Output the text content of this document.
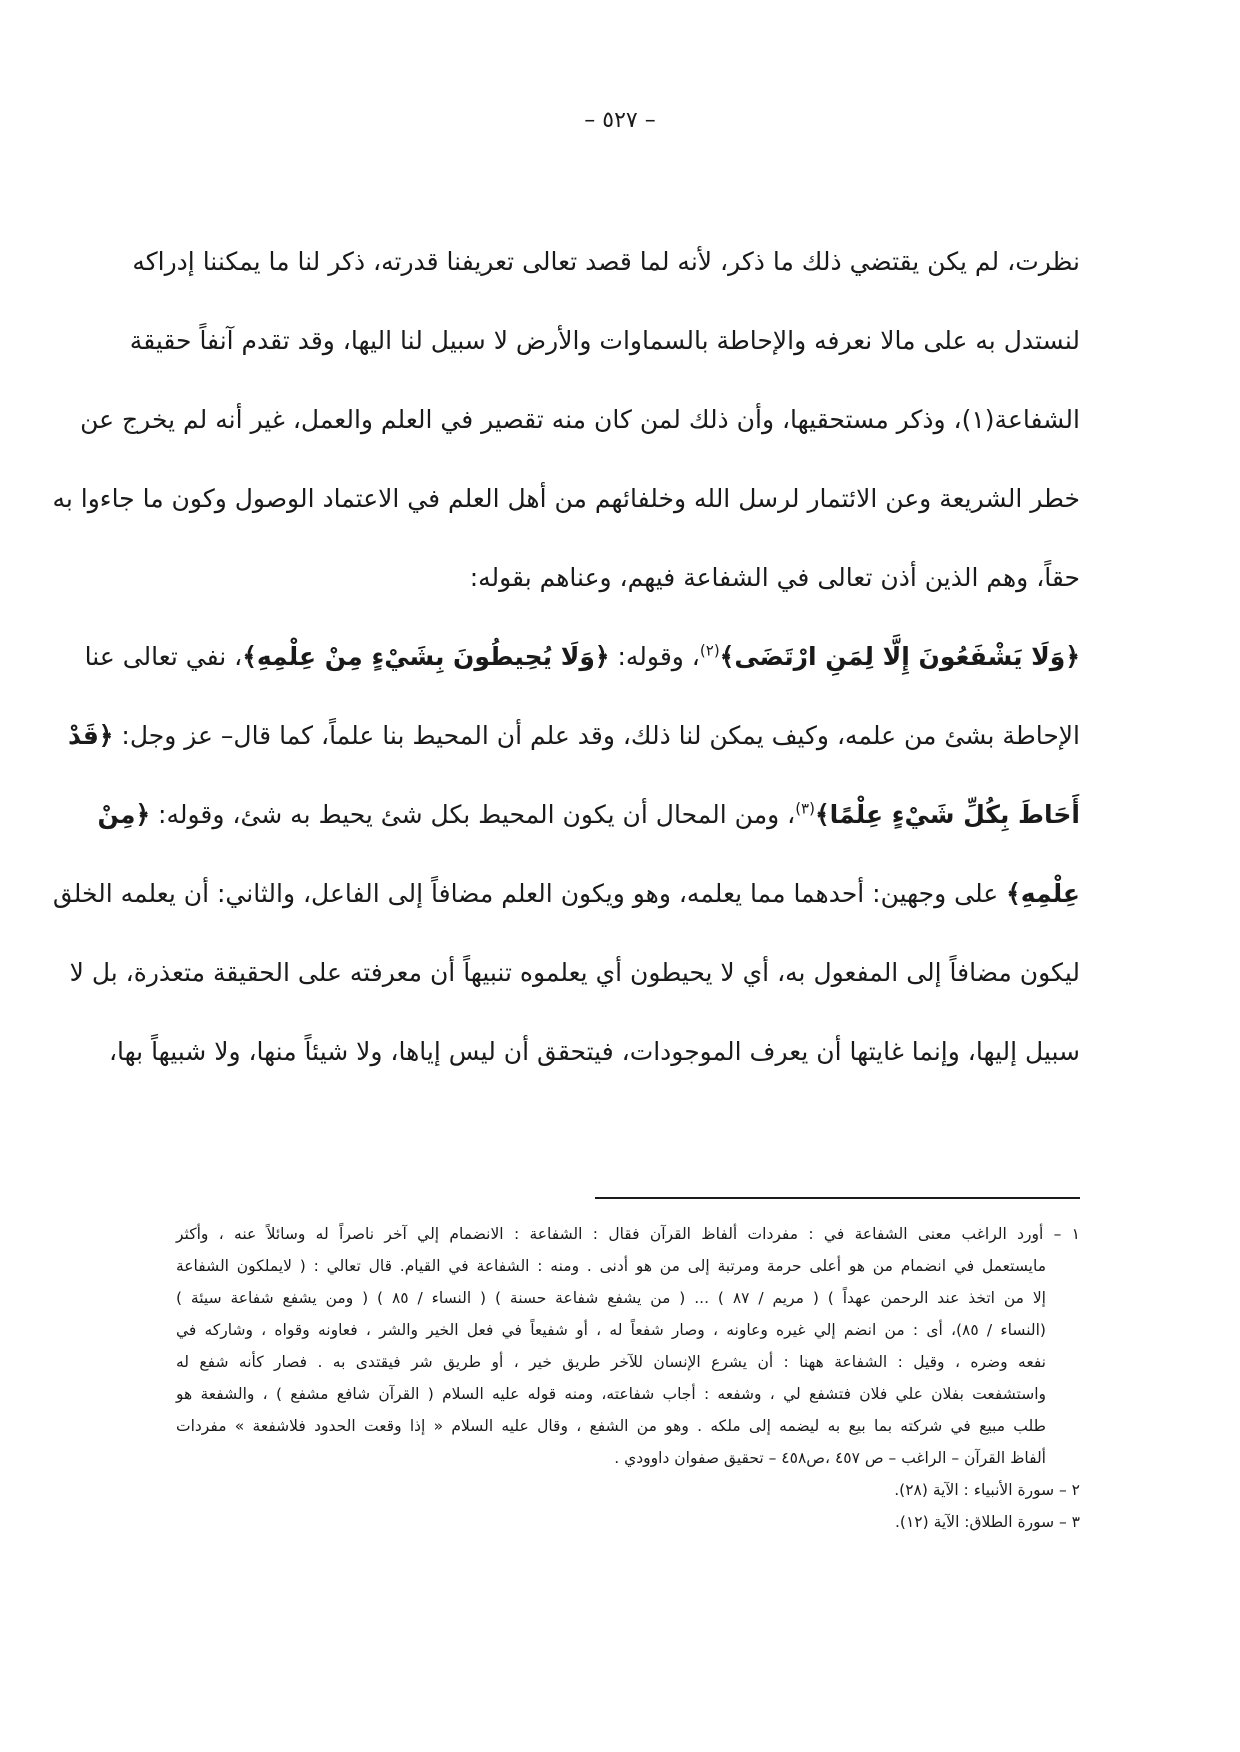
– ٥٢٧ –
نظرت، لم يكن يقتضي ذلك ما ذكر، لأنه لما قصد تعالى تعريفنا قدرته، ذكر لنا ما يمكننا إدراكه
لنستدل به على مالا نعرفه والإحاطة بالسماوات والأرض لا سبيل لنا اليها، وقد تقدم آنفاً حقيقة
الشفاعة(١)، وذكر مستحقيها، وأن ذلك لمن كان منه تقصير في العلم والعمل، غير أنه لم يخرج عن
خطر الشريعة وعن الائتمار لرسل الله وخلفائهم من أهل العلم في الاعتماد الوصول وكون ما جاءوا به
حقاً، وهم الذين أذن تعالى في الشفاعة فيهم، وعناهم بقوله:
﴿وَلَا يَشْفَعُونَ إِلَّا لِمَنِ ارْتَضَى﴾$^{(٢)}$، وقوله: ﴿وَلَا يُحِيطُونَ بِشَيْءٍ مِنْ عِلْمِهِ﴾، نفي تعالى عنا
الإحاطة بشئ من علمه، وكيف يمكن لنا ذلك، وقد علم أن المحيط بنا علماً، كما قال– عز وجل: ﴿قَدْ
أَحَاطَ بِكُلِّ شَيْءٍ عِلْمًا﴾$^{(٣)}$، ومن المحال أن يكون المحيط بكل شئ يحيط به شئ، وقوله: ﴿مِنْ
عِلْمِهِ﴾ على وجهين: أحدهما مما يعلمه، وهو ويكون العلم مضافاً إلى الفاعل، والثاني: أن يعلمه الخلق
ليكون مضافاً إلى المفعول به، أي لا يحيطون أي يعلموه تنبيهاً أن معرفته على الحقيقة متعذرة، بل لا
سبيل إليها، وإنما غايتها أن يعرف الموجودات، فيتحقق أن ليس إياها، ولا شيئاً منها، ولا شبيهاً بها،
١ – أورد الراغب معنى الشفاعة في : مفردات ألفاظ القرآن فقال : الشفاعة : الانضمام إلي آخر ناصراً له وسائلاً عنه ، وأكثر
مايستعمل في انضمام من هو أعلى حرمة ومرتبة إلى من هو أدنى . ومنه : الشفاعة في القيام. قال تعالي : ( لايملكون الشفاعة
إلا من اتخذ عند الرحمن عهداً ) ( مريم / ٨٧ ) ... ( من يشفع شفاعة حسنة ) ( النساء / ٨٥ ) ( ومن يشفع شفاعة سيئة )
(النساء / ٨٥)، أى : من انضم إلي غيره وعاونه ، وصار شفعاً له ، أو شفيعاً في فعل الخير والشر ، فعاونه وقواه ، وشاركه في
نفعه وضره ، وقيل : الشفاعة ههنا : أن يشرع الإنسان للآخر طريق خير ، أو طريق شر فيقتدى به . فصار كأنه شفع له
واستشفعت بفلان علي فلان فتشفع لي ، وشفعه : أجاب شفاعته، ومنه قوله عليه السلام ( القرآن شافع مشفع ) ، والشفعة هو
طلب مبيع في شركته بما بيع به ليضمه إلى ملكه . وهو من الشفع ، وقال عليه السلام « إذا وقعت الحدود فلاشفعة » مفردات
ألفاظ القرآن – الراغب – ص ٤٥٧ ،ص٤٥٨ – تحقيق صفوان داوودي .
٢ – سورة الأنبياء : الآية (٢٨).
٣ – سورة الطلاق: الآية (١٢).
